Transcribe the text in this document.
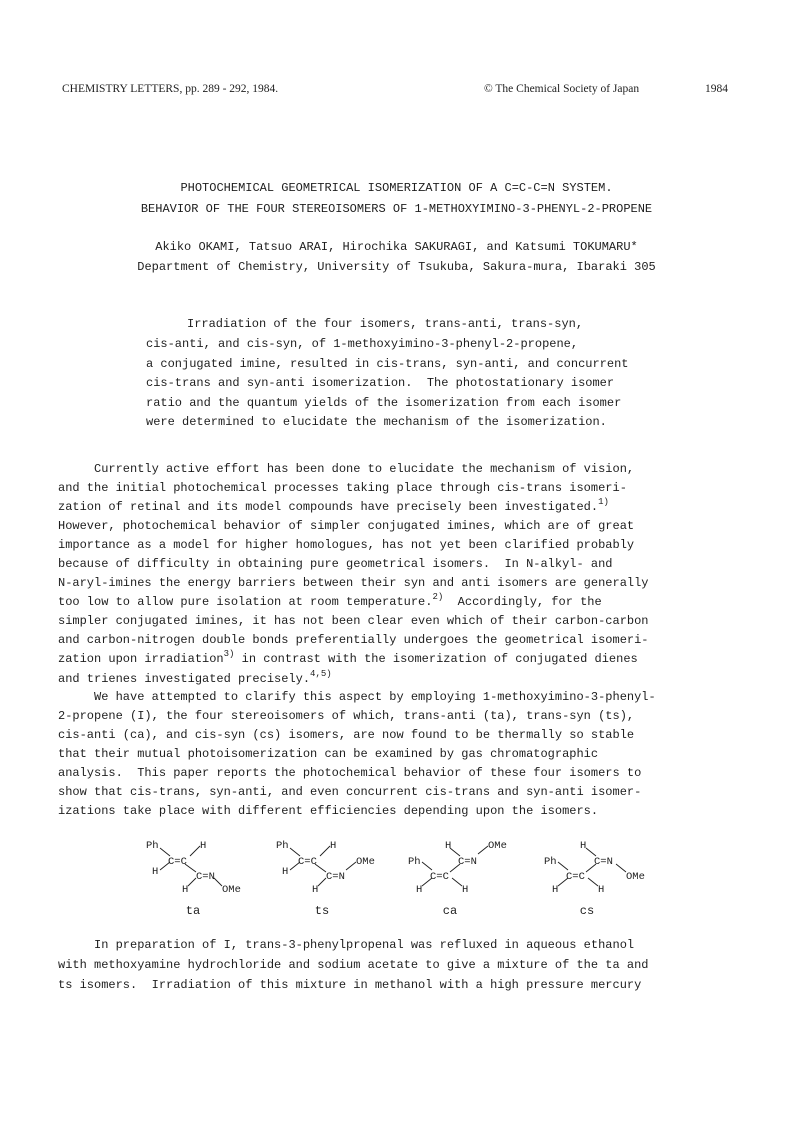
CHEMISTRY LETTERS, pp. 289 - 292, 1984.	© The Chemical Society of Japan	1984
PHOTOCHEMICAL GEOMETRICAL ISOMERIZATION OF A C=C-C=N SYSTEM.
BEHAVIOR OF THE FOUR STEREOISOMERS OF 1-METHOXYIMINO-3-PHENYL-2-PROPENE
Akiko OKAMI, Tatsuo ARAI, Hirochika SAKURAGI, and Katsumi TOKUMARU*
Department of Chemistry, University of Tsukuba, Sakura-mura, Ibaraki 305
Irradiation of the four isomers, trans-anti, trans-syn,
cis-anti, and cis-syn, of 1-methoxyimino-3-phenyl-2-propene,
a conjugated imine, resulted in cis-trans, syn-anti, and concurrent
cis-trans and syn-anti isomerization.  The photostationary isomer
ratio and the quantum yields of the isomerization from each isomer
were determined to elucidate the mechanism of the isomerization.
Currently active effort has been done to elucidate the mechanism of vision,
and the initial photochemical processes taking place through cis-trans isomeri-
zation of retinal and its model compounds have precisely been investigated.$^{1)}$
However, photochemical behavior of simpler conjugated imines, which are of great
importance as a model for higher homologues, has not yet been clarified probably
because of difficulty in obtaining pure geometrical isomers.  In N-alkyl- and
N-aryl-imines the energy barriers between their syn and anti isomers are generally
too low to allow pure isolation at room temperature.$^{2)}$  Accordingly, for the
simpler conjugated imines, it has not been clear even which of their carbon-carbon
and carbon-nitrogen double bonds preferentially undergoes the geometrical isomeri-
zation upon irradiation$^{3)}$ in contrast with the isomerization of conjugated dienes
and trienes investigated precisely.$^{4,5)}$
We have attempted to clarify this aspect by employing 1-methoxyimino-3-phenyl-
2-propene (I), the four stereoisomers of which, trans-anti (ta), trans-syn (ts),
cis-anti (ca), and cis-syn (cs) isomers, are now found to be thermally so stable
that their mutual photoisomerization can be examined by gas chromatographic
analysis.  This paper reports the photochemical behavior of these four isomers to
show that cis-trans, syn-anti, and even concurrent cis-trans and syn-anti isomer-
izations take place with different efficiencies depending upon the isomers.
Ph	H
C=C
H	C=N
H	OMe
Ph	H
C=C
H	C=N
OMe
H
H	OMe
Ph	C=N
C=C
H	H
H
Ph	C=N
OMe
C=C
H	H
ta	ts	ca	cs
In preparation of I, trans-3-phenylpropenal was refluxed in aqueous ethanol
with methoxyamine hydrochloride and sodium acetate to give a mixture of the ta and
ts isomers.  Irradiation of this mixture in methanol with a high pressure mercury
